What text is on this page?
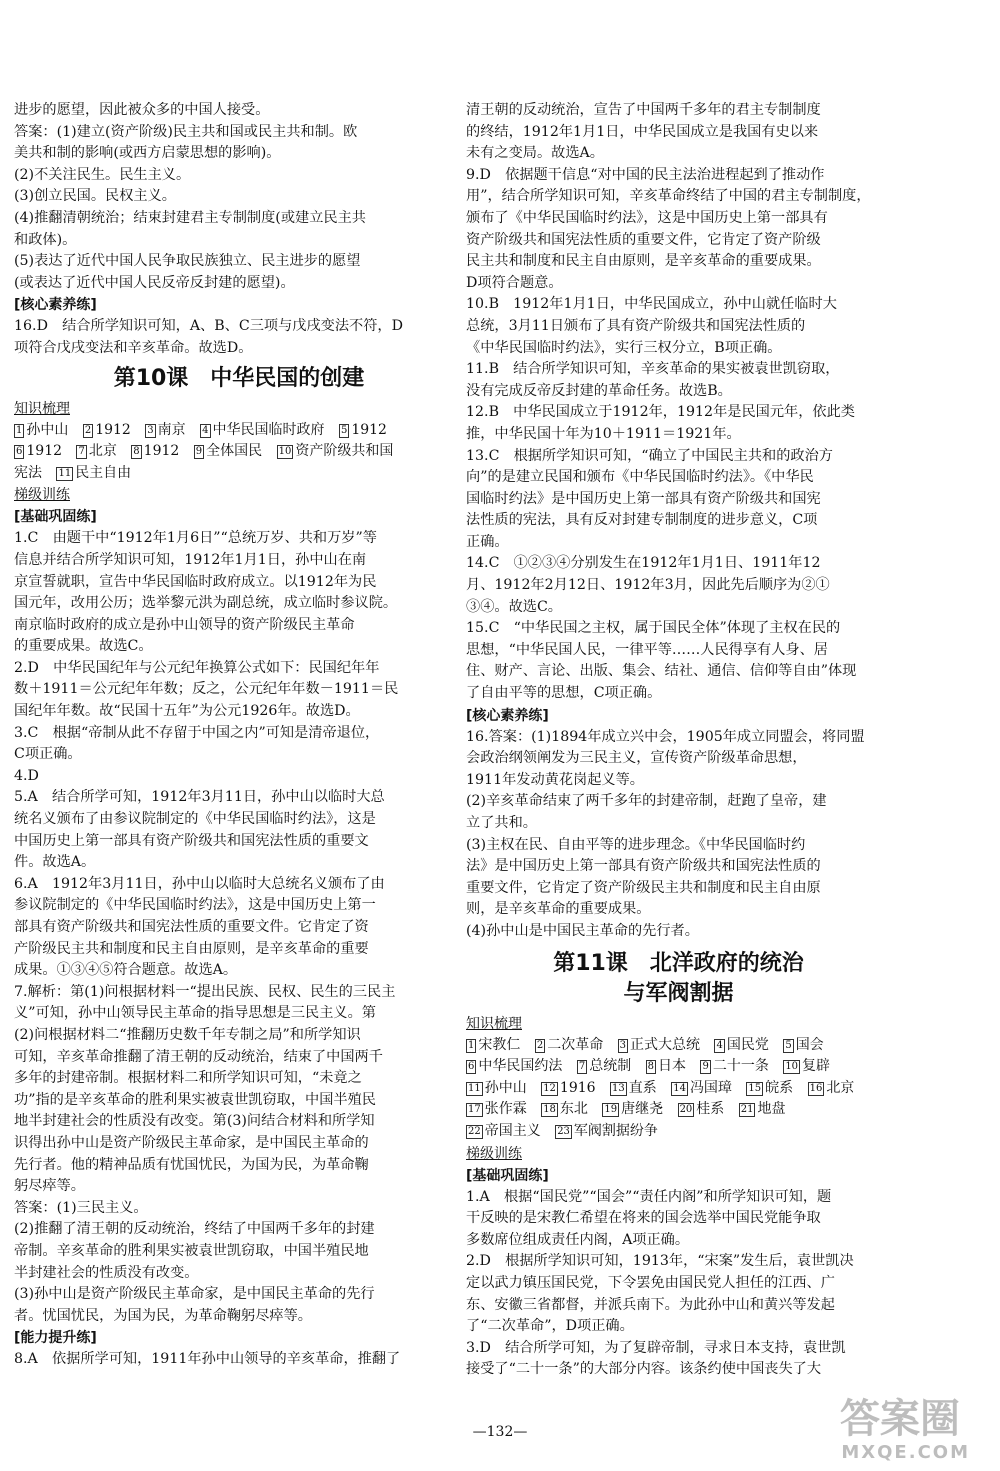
进步的愿望，因此被众多的中国人接受。
答案：(1)建立(资产阶级)民主共和国或民主共和制。欧
美共和制的影响(或西方启蒙思想的影响)。
(2)不关注民生。民生主义。
(3)创立民国。民权主义。
(4)推翻清朝统治；结束封建君主专制制度(或建立民主共
和政体)。
(5)表达了近代中国人民争取民族独立、民主进步的愿望
(或表达了近代中国人民反帝反封建的愿望)。
[核心素养练]
16.D　结合所学知识可知，A、B、C三项与戊戌变法不符，D
项符合戊戌变法和辛亥革命。故选D。
第10课　中华民国的创建
知识梳理
1 孙中山 2 1912 3 南京 4 中华民国临时政府 5 1912
6 1912 7 北京 8 1912 9 全体国民 10 资产阶级共和国
宪法 11 民主自由
梯级训练
[基础巩固练]
1.C　由题干中“1912年1月6日”“总统万岁、共和万岁”等
信息并结合所学知识可知，1912年1月1日，孙中山在南
京宣誓就职，宣告中华民国临时政府成立。以1912年为民
国元年，改用公历；选举黎元洪为副总统，成立临时参议院。
南京临时政府的成立是孙中山领导的资产阶级民主革命
的重要成果。故选C。
2.D　中华民国纪年与公元纪年换算公式如下：民国纪年年
数＋1911＝公元纪年年数；反之，公元纪年年数－1911＝民
国纪年年数。故“民国十五年”为公元1926年。故选D。
3.C　根据“帝制从此不存留于中国之内”可知是清帝退位，
C项正确。
4.D
5.A　结合所学可知，1912年3月11日，孙中山以临时大总
统名义颁布了由参议院制定的《中华民国临时约法》，这是
中国历史上第一部具有资产阶级共和国宪法性质的重要文
件。故选A。
6.A　1912年3月11日，孙中山以临时大总统名义颁布了由
参议院制定的《中华民国临时约法》，这是中国历史上第一
部具有资产阶级共和国宪法性质的重要文件。它肯定了资
产阶级民主共和制度和民主自由原则，是辛亥革命的重要
成果。①③④⑤符合题意。故选A。
7.解析：第(1)问根据材料一“提出民族、民权、民生的三民主
义”可知，孙中山领导民主革命的指导思想是三民主义。第
(2)问根据材料二“推翻历史数千年专制之局”和所学知识
可知，辛亥革命推翻了清王朝的反动统治，结束了中国两千
多年的封建帝制。根据材料二和所学知识可知，“未竟之
功”指的是辛亥革命的胜利果实被袁世凯窃取，中国半殖民
地半封建社会的性质没有改变。第(3)问结合材料和所学知
识得出孙中山是资产阶级民主革命家，是中国民主革命的
先行者。他的精神品质有忧国忧民，为国为民，为革命鞠
躬尽瘁等。
答案：(1)三民主义。
(2)推翻了清王朝的反动统治，终结了中国两千多年的封建
帝制。辛亥革命的胜利果实被袁世凯窃取，中国半殖民地
半封建社会的性质没有改变。
(3)孙中山是资产阶级民主革命家，是中国民主革命的先行
者。忧国忧民，为国为民，为革命鞠躬尽瘁等。
[能力提升练]
8.A　依据所学可知，1911年孙中山领导的辛亥革命，推翻了
清王朝的反动统治，宣告了中国两千多年的君主专制制度
的终结，1912年1月1日，中华民国成立是我国有史以来
未有之变局。故选A。
9.D　依据题干信息“对中国的民主法治进程起到了推动作
用”，结合所学知识可知，辛亥革命终结了中国的君主专制制度，
颁布了《中华民国临时约法》，这是中国历史上第一部具有
资产阶级共和国宪法性质的重要文件，它肯定了资产阶级
民主共和制度和民主自由原则，是辛亥革命的重要成果。
D项符合题意。
10.B　1912年1月1日，中华民国成立，孙中山就任临时大
总统，3月11日颁布了具有资产阶级共和国宪法性质的
《中华民国临时约法》，实行三权分立，B项正确。
11.B　结合所学知识可知，辛亥革命的果实被袁世凯窃取，
没有完成反帝反封建的革命任务。故选B。
12.B　中华民国成立于1912年，1912年是民国元年，依此类
推，中华民国十年为10＋1911＝1921年。
13.C　根据所学知识可知，“确立了中国民主共和的政治方
向”的是建立民国和颁布《中华民国临时约法》。《中华民
国临时约法》是中国历史上第一部具有资产阶级共和国宪
法性质的宪法，具有反对封建专制制度的进步意义，C项
正确。
14.C　①②③④分别发生在1912年1月1日、1911年12
月、1912年2月12日、1912年3月，因此先后顺序为②①
③④。故选C。
15.C　“中华民国之主权，属于国民全体”体现了主权在民的
思想，“中华民国人民，一律平等……人民得享有人身、居
住、财产、言论、出版、集会、结社、通信、信仰等自由”体现
了自由平等的思想，C项正确。
[核心素养练]
16.答案：(1)1894年成立兴中会，1905年成立同盟会，将同盟
会政治纲领阐发为三民主义，宣传资产阶级革命思想，
1911年发动黄花岗起义等。
(2)辛亥革命结束了两千多年的封建帝制，赶跑了皇帝，建
立了共和。
(3)主权在民、自由平等的进步理念。《中华民国临时约
法》是中国历史上第一部具有资产阶级共和国宪法性质的
重要文件，它肯定了资产阶级民主共和制度和民主自由原
则，是辛亥革命的重要成果。
(4)孙中山是中国民主革命的先行者。
第11课　北洋政府的统治
与军阀割据
知识梳理
1 宋教仁 2 二次革命 3 正式大总统 4 国民党 5 国会
6 中华民国约法 7 总统制 8 日本 9 二十一条 10 复辟
11 孙中山 12 1916 13 直系 14 冯国璋 15 皖系 16 北京
17 张作霖 18 东北 19 唐继尧 20 桂系 21 地盘
22 帝国主义 23 军阀割据纷争
梯级训练
[基础巩固练]
1.A　根据“国民党”“国会”“责任内阁”和所学知识可知，题
干反映的是宋教仁希望在将来的国会选举中国民党能争取
多数席位组成责任内阁，A项正确。
2.D　根据所学知识可知，1913年，“宋案”发生后，袁世凯决
定以武力镇压国民党，下令罢免由国民党人担任的江西、广
东、安徽三省都督，并派兵南下。为此孙中山和黄兴等发起
了“二次革命”，D项正确。
3.D　结合所学可知，为了复辟帝制，寻求日本支持，袁世凯
接受了“二十一条”的大部分内容。该条约使中国丧失了大
—132—	答案圈
MXQE.COM
